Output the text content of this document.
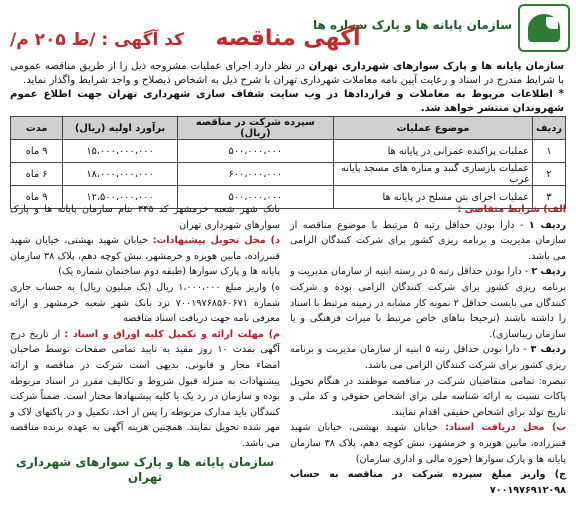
سازمان پایانه ها و پارک سواره ها
آگهی مناقصه
کد آگهی : /ط ۲۰۵ م/
سازمان پایانه ها و پارک سوارهای شهرداری تهران در نظر دارد اجرای عملیات مشروحه ذیل را از طریق مناقصه عمومی با شرایط مندرج در اسناد و رعایت آیین نامه معاملات شهرداری تهران با شرح ذیل به اشخاص ذیصلاح و واجد شرایط واگذار نماید.
* اطلاعات مربوط به معاملات و قراردادها در وب سایت شفاف سازی شهرداری تهران جهت اطلاع عموم شهروندان منتشر خواهد شد.
ردیف	موضوع عملیات	سپرده شرکت در مناقصه (ریال)	برآورد اولیه (ریال)	مدت
۱	عملیات پراکنده عمرانی در پایانه ها	۵۰۰،۰۰۰،۰۰۰	۱۵،۰۰۰،۰۰۰،۰۰۰	۹ ماه
۲	عملیات بازسازی گنبد و مناره های مسجد پایانه غرب	۶۰۰،۰۰۰،۰۰۰	۱۸،۰۰۰،۰۰۰،۰۰۰	۶ ماه
۳	عملیات اجرای بتن مسلح در پایانه ها	۵۰۰،۰۰۰،۰۰۰	۱۲،۵۰۰،۰۰۰،۰۰۰	۹ ماه
الف) شرایط متقاضی :
ردیف ۱ - دارا بودن حداقل رتبه ۵ مرتبط با موضوع مناقصه از سازمان مدیریت و برنامه ریزی کشور برای شرکت کنندگان الزامی می باشد.
ردیف ۲ - دارا بودن حداقل رتبه ۵ در رسته ابنیه از سازمان مدیریت و برنامه ریزی کشور برای شرکت کنندگان الزامی بوده و شرکت کنندگان می بایست حداقل ۲ نمونه کار مشابه در زمینه مرتبط با اسناد را داشته باشند (ترجیحا بناهای خاص مرتبط با میراث فرهنگی و یا سازمان زیباسازی).
ردیف ۳ - دارا بودن حداقل رتبه ۵ ابنیه از سازمان مدیریت و برنامه ریزی کشور برای شرکت کنندگان الزامی می باشد.
تبصره: تمامی متقاضیان شرکت در مناقصه موظفند در هنگام تحویل پاکات نسبت به ارائه شناسه ملی برای اشخاص حقوقی و کد ملی و تاریخ تولد برای اشخاص حقیقی اقدام نمایند.
ب) محل دریافت اسناد: خیابان شهید بهشتی، خیابان شهید قنبرزاده، مابین هویزه و خرمشهر، نبش کوچه دهم، پلاک ۳۸ سازمان پایانه ها و پارک سوارها (حوزه مالی و اداری سازمان)
ج) واریز مبلغ سپرده شرکت در مناقصه به حساب ۷۰۰۱۹۷۶۹۱۲۰۹۸
بانک شهر شعبه خرمشهر کد ۳۴۵ بنام سازمان پایانه ها و پارک سوارهای شهرداری تهران
د) محل تحویل پیشنهادات: خیابان شهید بهشتی، خیابان شهید قنبرزاده، مابین هویزه و خرمشهر، نبش کوچه دهم، پلاک ۳۸ سازمان پایانه ها و پارک سوارها (طبقه دوم ساختمان شماره یک)
ه) واریز مبلغ ۱،۰۰۰،۰۰۰ ریال (یک میلیون ریال) به حساب جاری شماره ۷۰۰۱۹۷۶۸۵۶۰۶۷۱ نزد بانک شهر شعبه خرمشهر و ارائه معرفی نامه جهت دریافت اسناد مناقصه
م) مهلت ارائه و تکمیل کلیه اوراق و اسناد : از تاریخ درج آگهی بمدت ۱۰ روز مقید به تایید تمامی صفحات توسط صاحبان امضاء مجاز و قانونی. بدیهی است شرکت در مناقصه و ارائه پیشنهادات به منزله قبول شروط و تکالیف مقرر در اسناد مربوطه بوده و سازمان در رد یک یا کلیه پیشنهادها مختار است. ضمناً شرکت کنندگان باید مدارک مربوطه را پس از اخذ، تکمیل و در پاکتهای لاک و مهر شده تحویل نمایند. همچنین هزینه آگهی به عهده برنده مناقصه می باشد.
سازمان پایانه ها و پارک سوارهای شهرداری تهران
